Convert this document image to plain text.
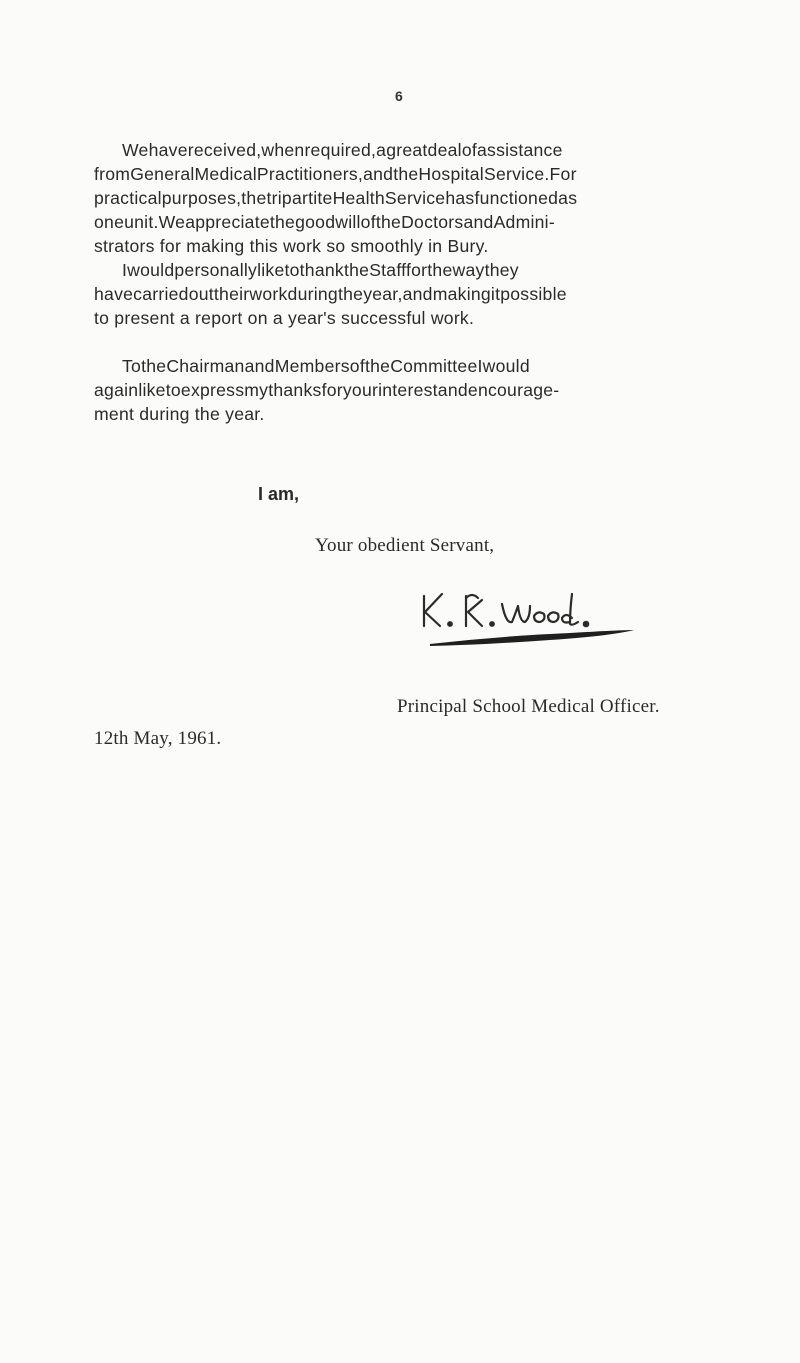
6
Wehavereceived,whenrequired,agreatdealofassistance
fromGeneralMedicalPractitioners,andtheHospitalService.For
practicalpurposes,thetripartiteHealthServicehasfunctionedas
oneunit.WeappreciatethegoodwilloftheDoctorsandAdmini-
strators for making this work so smoothly in Bury.
IwouldpersonallyliketothanktheStaffforthewaythey
havecarriedouttheirworkduringtheyear,andmakingitpossible
to present a report on a year's successful work.
TotheChairmanandMembersoftheCommitteeIwould
againliketoexpressmythanksforyourinterestandencourage-
ment during the year.
I am,
Your obedient Servant,
Principal School Medical Officer.
12th May, 1961.
